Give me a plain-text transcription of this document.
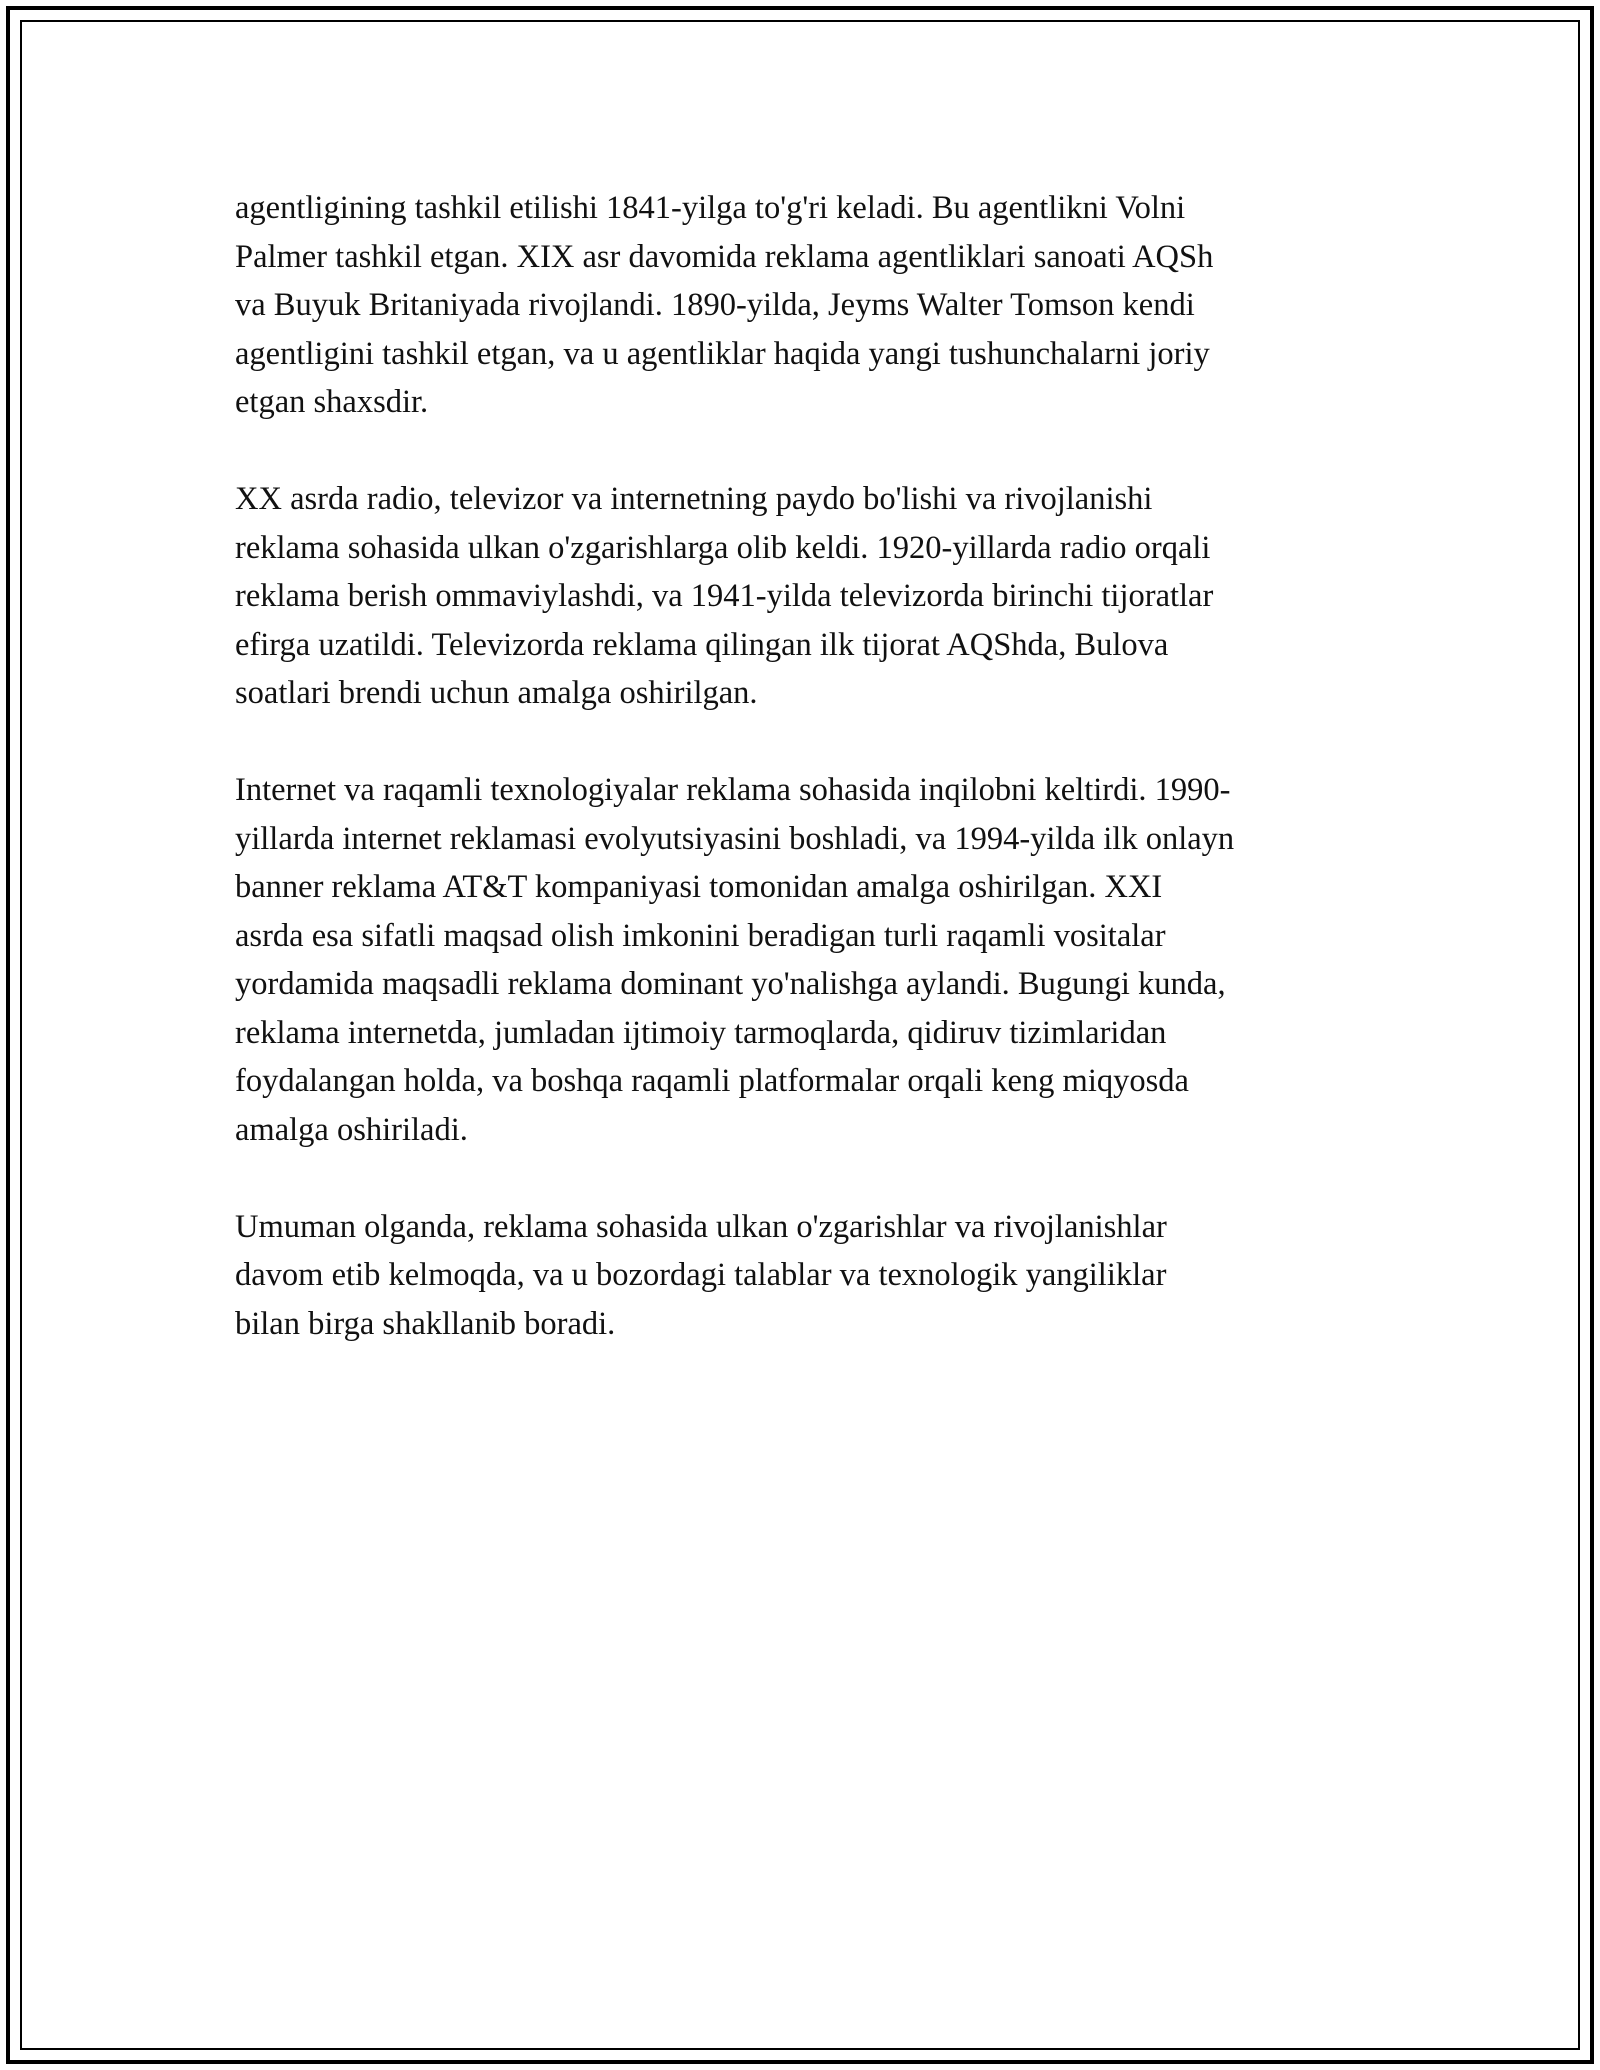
agentligining tashkil etilishi 1841-yilga to'g'ri keladi. Bu agentlikni Volni
Palmer tashkil etgan. XIX asr davomida reklama agentliklari sanoati AQSh
va Buyuk Britaniyada rivojlandi. 1890-yilda, Jeyms Walter Tomson kendi
agentligini tashkil etgan, va u agentliklar haqida yangi tushunchalarni joriy
etgan shaxsdir.
XX asrda radio, televizor va internetning paydo bo'lishi va rivojlanishi
reklama sohasida ulkan o'zgarishlarga olib keldi. 1920-yillarda radio orqali
reklama berish ommaviylashdi, va 1941-yilda televizorda birinchi tijoratlar
efirga uzatildi. Televizorda reklama qilingan ilk tijorat AQShda, Bulova
soatlari brendi uchun amalga oshirilgan.
Internet va raqamli texnologiyalar reklama sohasida inqilobni keltirdi. 1990-
yillarda internet reklamasi evolyutsiyasini boshladi, va 1994-yilda ilk onlayn
banner reklama AT&T kompaniyasi tomonidan amalga oshirilgan. XXI
asrda esa sifatli maqsad olish imkonini beradigan turli raqamli vositalar
yordamida maqsadli reklama dominant yo'nalishga aylandi. Bugungi kunda,
reklama internetda, jumladan ijtimoiy tarmoqlarda, qidiruv tizimlaridan
foydalangan holda, va boshqa raqamli platformalar orqali keng miqyosda
amalga oshiriladi.
Umuman olganda, reklama sohasida ulkan o'zgarishlar va rivojlanishlar
davom etib kelmoqda, va u bozordagi talablar va texnologik yangiliklar
bilan birga shakllanib boradi.
